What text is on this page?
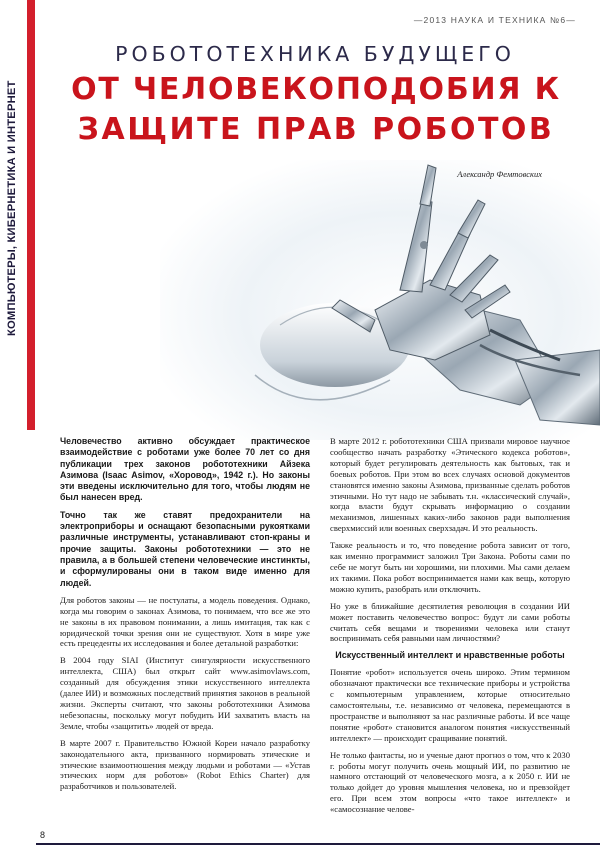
КОМПЬЮТЕРЫ, КИБЕРНЕТИКА И ИНТЕРНЕТ
—2013 НАУКА И ТЕХНИКА №6—
РОБОТОТЕХНИКА БУДУЩЕГО
ОТ ЧЕЛОВЕКОПОДОБИЯ К
ЗАЩИТЕ ПРАВ РОБОТОВ
Александр Фемтовских

Человечество активно обсуждает практическое взаимодействие с роботами уже более 70 лет со дня публикации трех законов робототехники Айзека Азимова (Isaac Asimov, «Хоровод», 1942 г.). Но законы эти введены исключительно для того, чтобы людям не был нанесен вред.

Точно так же ставят предохранители на электроприборы и оснащают безопасными рукоятками различные инструменты, устанавливают стоп-краны и прочие защиты. Законы робототехники — это не правила, а в большей степени человеческие инстинкты, и сформулированы они в таком виде именно для людей.

Для роботов законы — не постулаты, а модель поведения. Однако, когда мы говорим о законах Азимова, то понимаем, что все же это не законы в их правовом понимании, а лишь имитация, так как с юридической точки зрения они не существуют. Хотя в мире уже есть прецеденты их исследования и более детальной разработки:

В 2004 году SIAI (Институт сингулярности искусственного интеллекта, США) был открыт сайт www.asimovlaws.com, созданный для обсуждения этики искусственного интеллекта (далее ИИ) и возможных последствий принятия законов в реальной жизни. Эксперты считают, что законы робототехники Азимова небезопасны, поскольку могут побудить ИИ захватить власть на Земле, чтобы «защитить» людей от вреда.

В марте 2007 г. Правительство Южной Кореи начало разработку законодательного акта, призванного нормировать этические и этические взаимоотношения между людьми и роботами — «Устав этических норм для роботов» (Robot Ethics Charter) для разработчиков и пользователей.

В марте 2012 г. робототехники США призвали мировое научное сообщество начать разработку «Этического кодекса роботов», который будет регулировать деятельность как бытовых, так и боевых роботов. При этом во всех случаях основой документов становятся именно законы Азимова, призванные сделать роботов этичными. Но тут надо не забывать т.н. «классический случай», когда власти будут скрывать информацию о создании механизмов, лишенных каких-либо законов ради выполнения сверхмиссий или военных сверхзадач. И это реальность.

Также реальность и то, что поведение робота зависит от того, как именно программист заложил Три Закона. Роботы сами по себе не могут быть ни хорошими, ни плохими. Мы сами делаем их такими. Пока робот воспринимается нами как вещь, которую можно купить, разобрать или отключить.

Но уже в ближайшие десятилетия революция в создании ИИ может поставить человечество вопрос: будут ли сами роботы считать себя вещами и творениями человека или станут воспринимать себя равными нам личностями?

Искусственный интеллект и нравственные роботы

Понятие «робот» используется очень широко. Этим термином обозначают практически все технические приборы и устройства с компьютерным управлением, которые относительно самостоятельны, т.е. независимо от человека, перемещаются в пространстве и выполняют за нас различные работы. И все чаще понятие «робот» становится аналогом понятия «искусственный интеллект» — происходит сращивание понятий.

Не только фантасты, но и ученые дают прогноз о том, что к 2030 г. роботы могут получить очень мощный ИИ, по развитию не намного отстающий от человеческого мозга, а к 2050 г. ИИ не только дойдет до уровня мышления человека, но и превзойдет его. При всем этом вопросы «что такое интеллект» и «самосознание челове-

8
